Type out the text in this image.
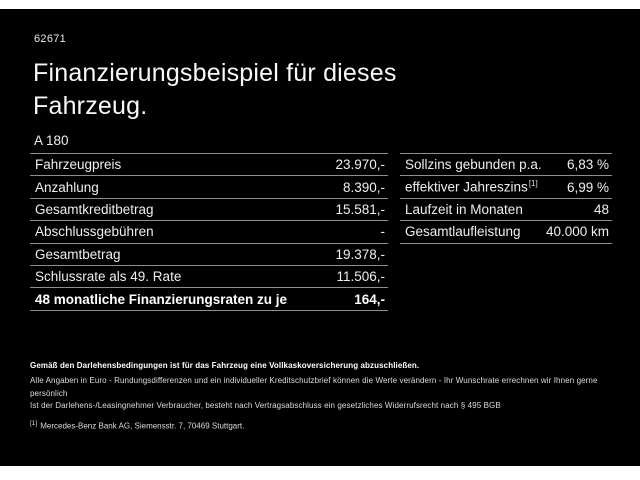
62671
Finanzierungsbeispiel für dieses
Fahrzeug.
A 180
Fahrzeugpreis	23.970,-
Anzahlung	8.390,-
Gesamtkreditbetrag	15.581,-
Abschlussgebühren	-
Gesamtbetrag	19.378,-
Schlussrate als 49. Rate	11.506,-
48 monatliche Finanzierungsraten zu je	164,-
Sollzins gebunden p.a. 6,83 %
effektiver Jahreszins[1] 6,99 %
Laufzeit in Monaten	48
Gesamtlaufleistung 40.000 km
Gemäß den Darlehensbedingungen ist für das Fahrzeug eine Vollkaskoversicherung abzuschließen.
Alle Angaben in Euro - Rundungsdifferenzen und ein individueller Kreditschutzbrief können die Werte verändern - Ihr Wunschrate errechnen wir Ihnen gerne persönlich
Ist der Darlehens-/Leasingnehmer Verbraucher, besteht nach Vertragsabschluss ein gesetzliches Widerrufsrecht nach § 495 BGB
[1] Mercedes-Benz Bank AG, Siemensstr. 7, 70469 Stuttgart.
